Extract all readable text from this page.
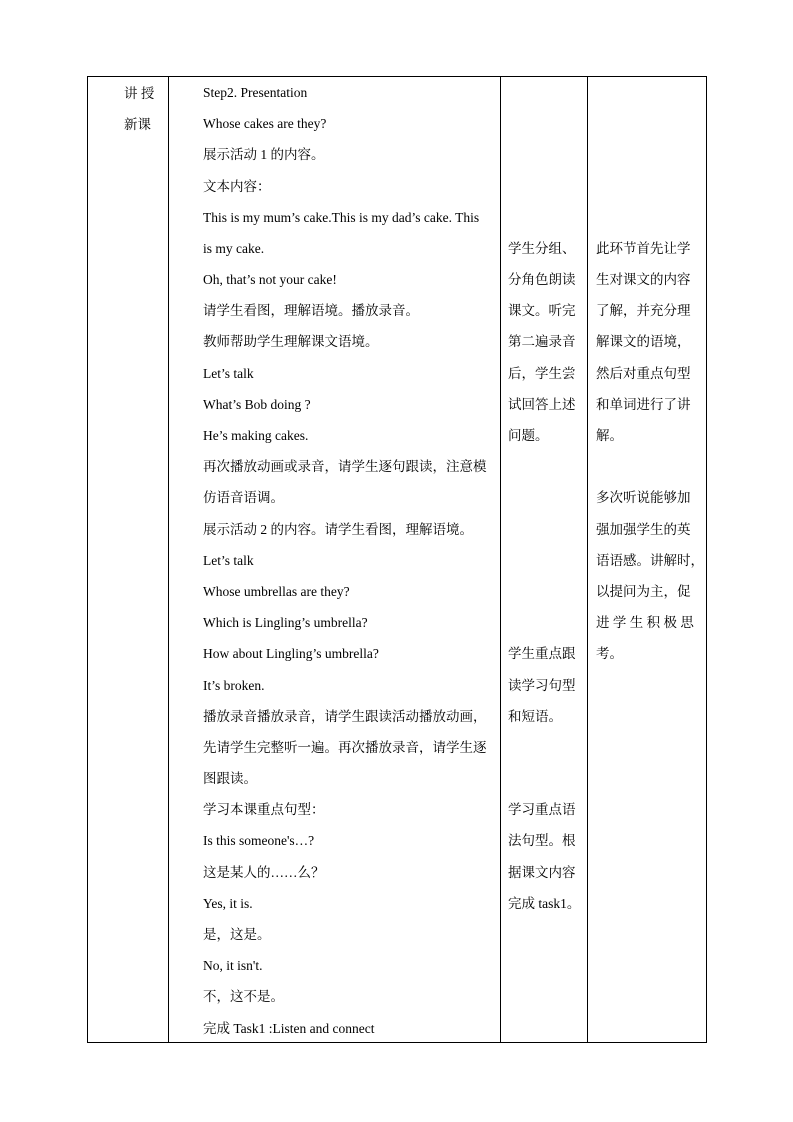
讲 授
新课
Step2. Presentation
Whose cakes are they?
展示活动 1 的内容。
文本内容：
This is my mum’s cake.This is my dad’s cake. This
is my cake.
Oh, that’s not your cake!
请学生看图，理解语境。播放录音。
教师帮助学生理解课文语境。
Let’s talk
What’s Bob doing ?
He’s making cakes.
再次播放动画或录音，请学生逐句跟读，注意模
仿语音语调。
展示活动 2 的内容。请学生看图，理解语境。
Let’s talk
Whose umbrellas are they?
Which is Lingling’s umbrella?
How about Lingling’s umbrella?
It’s broken.
播放录音播放录音，请学生跟读活动播放动画，
先请学生完整听一遍。再次播放录音，请学生逐
图跟读。
学习本课重点句型：
Is this someone's…?
这是某人的……么？
Yes, it is.
是，这是。
No, it isn't.
不，这不是。
完成 Task1 :Listen and connect
学生分组、
分角色朗读
课文。听完
第二遍录音
后，学生尝
试回答上述
问题。
学生重点跟
读学习句型
和短语。
学习重点语
法句型。根
据课文内容
完成 task1。
此环节首先让学
生对课文的内容
了解，并充分理
解课文的语境，
然后对重点句型
和单词进行了讲
解。
多次听说能够加
强加强学生的英
语语感。讲解时，
以提问为主，促
进 学 生 积 极 思
考。
